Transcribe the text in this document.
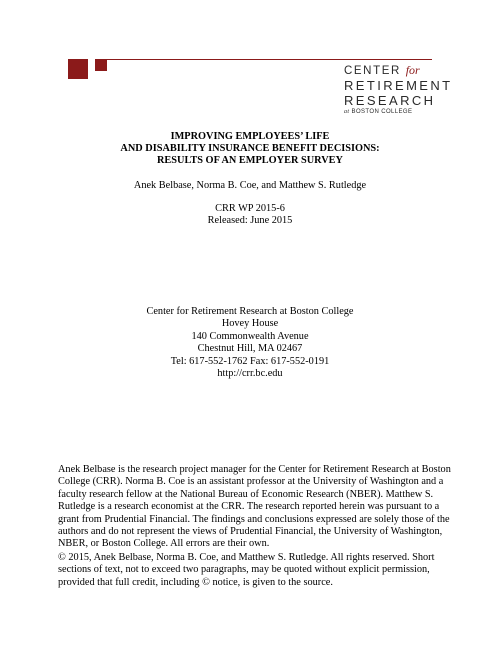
CENTER for
RETIREMENT
RESEARCH
at BOSTON COLLEGE
IMPROVING EMPLOYEES’ LIFE
AND DISABILITY INSURANCE BENEFIT DECISIONS:
RESULTS OF AN EMPLOYER SURVEY
Anek Belbase, Norma B. Coe, and Matthew S. Rutledge
CRR WP 2015-6
Released: June 2015
Center for Retirement Research at Boston College
Hovey House
140 Commonwealth Avenue
Chestnut Hill, MA 02467
Tel: 617-552-1762 Fax: 617-552-0191
http://crr.bc.edu
Anek Belbase is the research project manager for the Center for Retirement Research at Boston
College (CRR). Norma B. Coe is an assistant professor at the University of Washington and a
faculty research fellow at the National Bureau of Economic Research (NBER). Matthew S.
Rutledge is a research economist at the CRR. The research reported herein was pursuant to a
grant from Prudential Financial. The findings and conclusions expressed are solely those of the
authors and do not represent the views of Prudential Financial, the University of Washington,
NBER, or Boston College. All errors are their own.
© 2015, Anek Belbase, Norma B. Coe, and Matthew S. Rutledge. All rights reserved. Short
sections of text, not to exceed two paragraphs, may be quoted without explicit permission,
provided that full credit, including © notice, is given to the source.
